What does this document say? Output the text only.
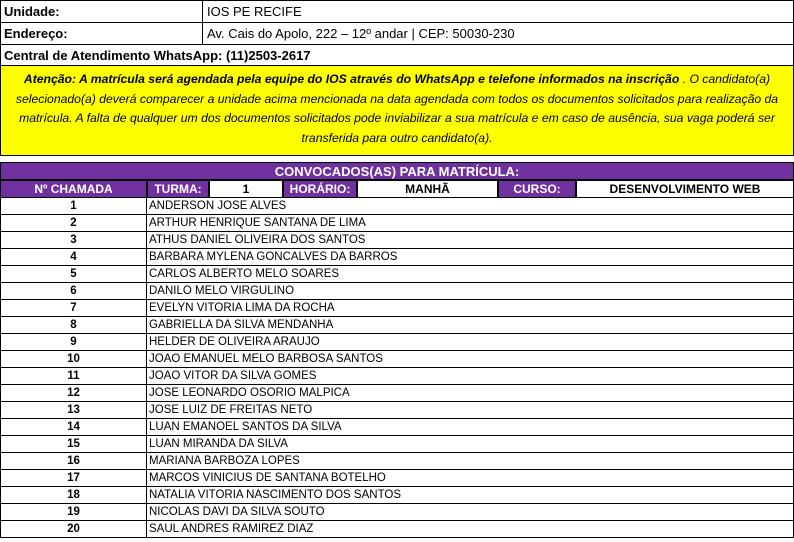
Unidade:	IOS PE RECIFE
Endereço:	Av. Cais do Apolo, 222 – 12º andar | CEP: 50030-230
Central de Atendimento WhatsApp: (11)2503-2617
Atenção: A matrícula será agendada pela equipe do IOS através do WhatsApp e telefone informados na inscrição . O candidato(a) selecionado(a) deverá comparecer a unidade acima mencionada na data agendada com todos os documentos solicitados para realização da matrícula. A falta de qualquer um dos documentos solicitados pode inviabilizar a sua matrícula e em caso de ausência, sua vaga poderá ser transferida para outro candidato(a).
CONVOCADOS(AS) PARA MATRÍCULA:
Nº CHAMADA	TURMA:	1	HORÁRIO:	MANHÃ	CURSO:	DESENVOLVIMENTO WEB
1	ANDERSON JOSE ALVES
2	ARTHUR HENRIQUE SANTANA DE LIMA
3	ATHUS DANIEL OLIVEIRA DOS SANTOS
4	BARBARA MYLENA GONCALVES DA BARROS
5	CARLOS ALBERTO MELO SOARES
6	DANILO MELO VIRGULINO
7	EVELYN VITORIA LIMA DA ROCHA
8	GABRIELLA DA SILVA MENDANHA
9	HELDER DE OLIVEIRA ARAUJO
10	JOAO EMANUEL MELO BARBOSA SANTOS
11	JOAO VITOR DA SILVA GOMES
12	JOSE LEONARDO OSORIO MALPICA
13	JOSE LUIZ DE FREITAS NETO
14	LUAN EMANOEL SANTOS DA SILVA
15	LUAN MIRANDA DA SILVA
16	MARIANA BARBOZA LOPES
17	MARCOS VINICIUS DE SANTANA BOTELHO
18	NATALIA VITORIA NASCIMENTO DOS SANTOS
19	NICOLAS DAVI DA SILVA SOUTO
20	SAUL ANDRES RAMIREZ DIAZ
